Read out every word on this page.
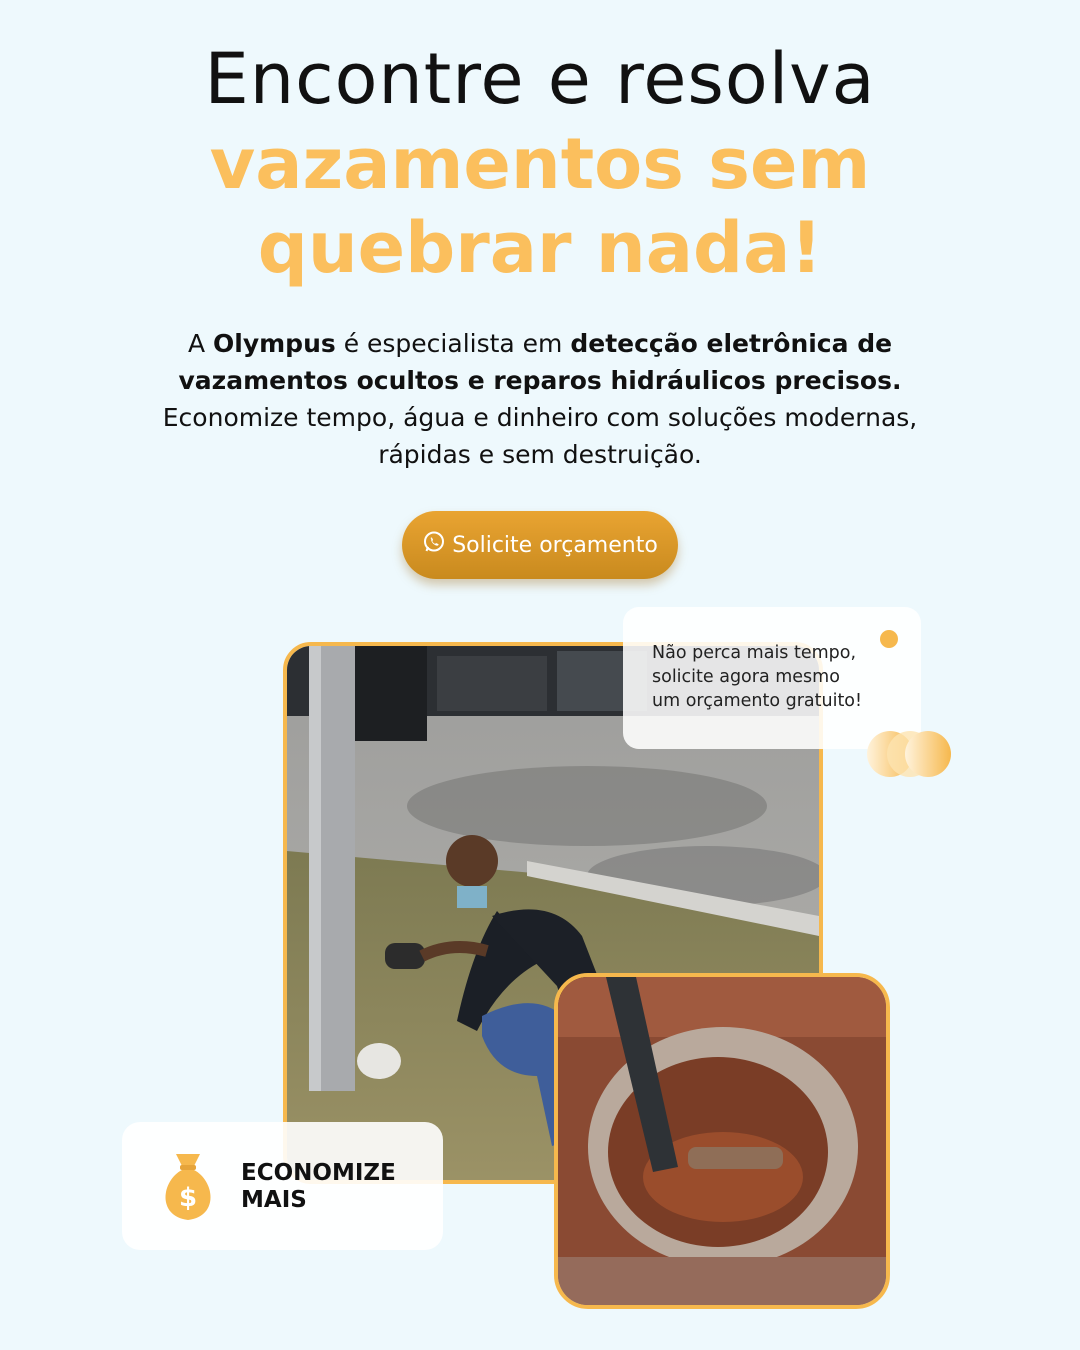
Encontre e resolva
vazamentos sem
quebrar nada!
A Olympus é especialista em detecção eletrônica de vazamentos ocultos e reparos hidráulicos precisos. Economize tempo, água e dinheiro com soluções modernas, rápidas e sem destruição.
Solicite orçamento
Não perca mais tempo,
solicite agora mesmo
um orçamento gratuito!
$
ECONOMIZE
MAIS
